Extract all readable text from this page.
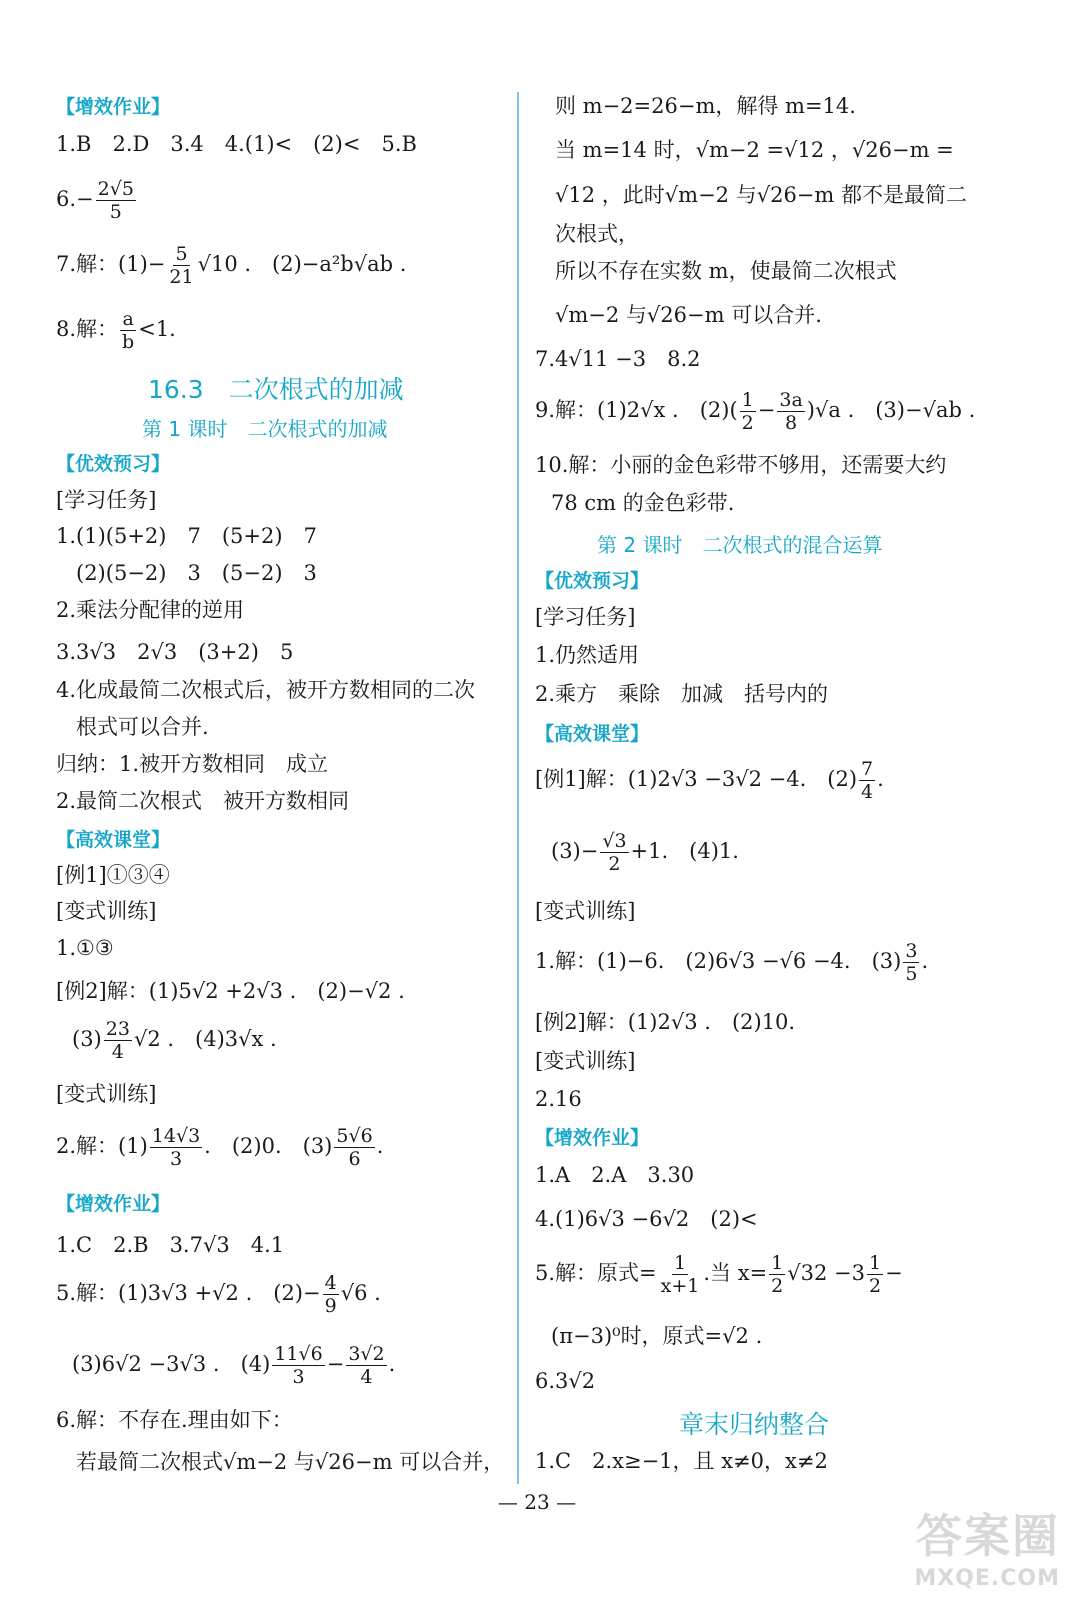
【增效作业】
1.B　2.D　3.4　4.(1)<　(2)<　5.B
$6.- \frac{2√5}{5}$
7.解：$(1)- \frac{5}{21} √10$ .　(2)−a²b√ab .
8.解： $\frac{a}{b} <1$.
16.3　二次根式的加减
第 1 课时　二次根式的加减
【优效预习】
[学习任务]
1.(1)(5+2)　7　(5+2)　7
(2)(5−2)　3　(5−2)　3
2.乘法分配律的逆用
3.3√3　2√3　(3+2)　5
4.化成最简二次根式后，被开方数相同的二次
根式可以合并.
归纳：1.被开方数相同　成立
2.最简二次根式　被开方数相同
【高效课堂】
[例1]①③④
[变式训练]
1.①③
[例2]解：(1)5√2 +2√3 .　(2)−√2 .
$(3) \frac{23}{4} √2$ .　(4)3√x .
[变式训练]
2.解：$(1) \frac{14√3}{3}$ .　(2)0.　$(3) \frac{5√6}{6}$ .
【增效作业】
1.C　2.B　3.7√3　4.1
5.解：(1)3√3 +√2 .　$(2)- \frac{4}{9} √6$ .
(3)6√2 −3√3 .　$(4) \frac{11√6}{3} - \frac{3√2}{4}$ .
6.解：不存在.理由如下：
若最简二次根式√m−2 与√26−m 可以合并，
则 m−2=26−m，解得 m=14.
当 m=14 时，√m−2 =√12 ，√26−m =
√12 ，此时√m−2 与√26−m 都不是最简二
次根式，
所以不存在实数 m，使最简二次根式
√m−2 与√26−m 可以合并.
7.4√11 −3　8.2
9.解：(1)2√x .　$(2)( \frac{1}{2} - \frac{3a}{8} )√a$ .　(3)−√ab .
10.解：小丽的金色彩带不够用，还需要大约
78 cm 的金色彩带.
第 2 课时　二次根式的混合运算
【优效预习】
[学习任务]
1.仍然适用
2.乘方　乘除　加减　括号内的
【高效课堂】
[例1]解：(1)2√3 −3√2 −4.　$(2) \frac{7}{4}$ .
$(3)- \frac{√3}{2} +1$.　(4)1.
[变式训练]
1.解：(1)−6.　(2)6√3 −√6 −4.　$(3) \frac{3}{5}$ .
[例2]解：(1)2√3 .　(2)10.
[变式训练]
2.16
【增效作业】
1.A　2.A　3.30
4.(1)6√3 −6√2　(2)<
5.解：原式= $\frac{1}{x+1}$ .当 $x= \frac{1}{2} √32 -3 \frac{1}{2}$ −
(π−3)⁰时，原式=√2 .
6.3√2
章末归纳整合
1.C　2.x≥−1，且 x≠0，x≠2
— 23 —
答案圈
MXQE.COM
